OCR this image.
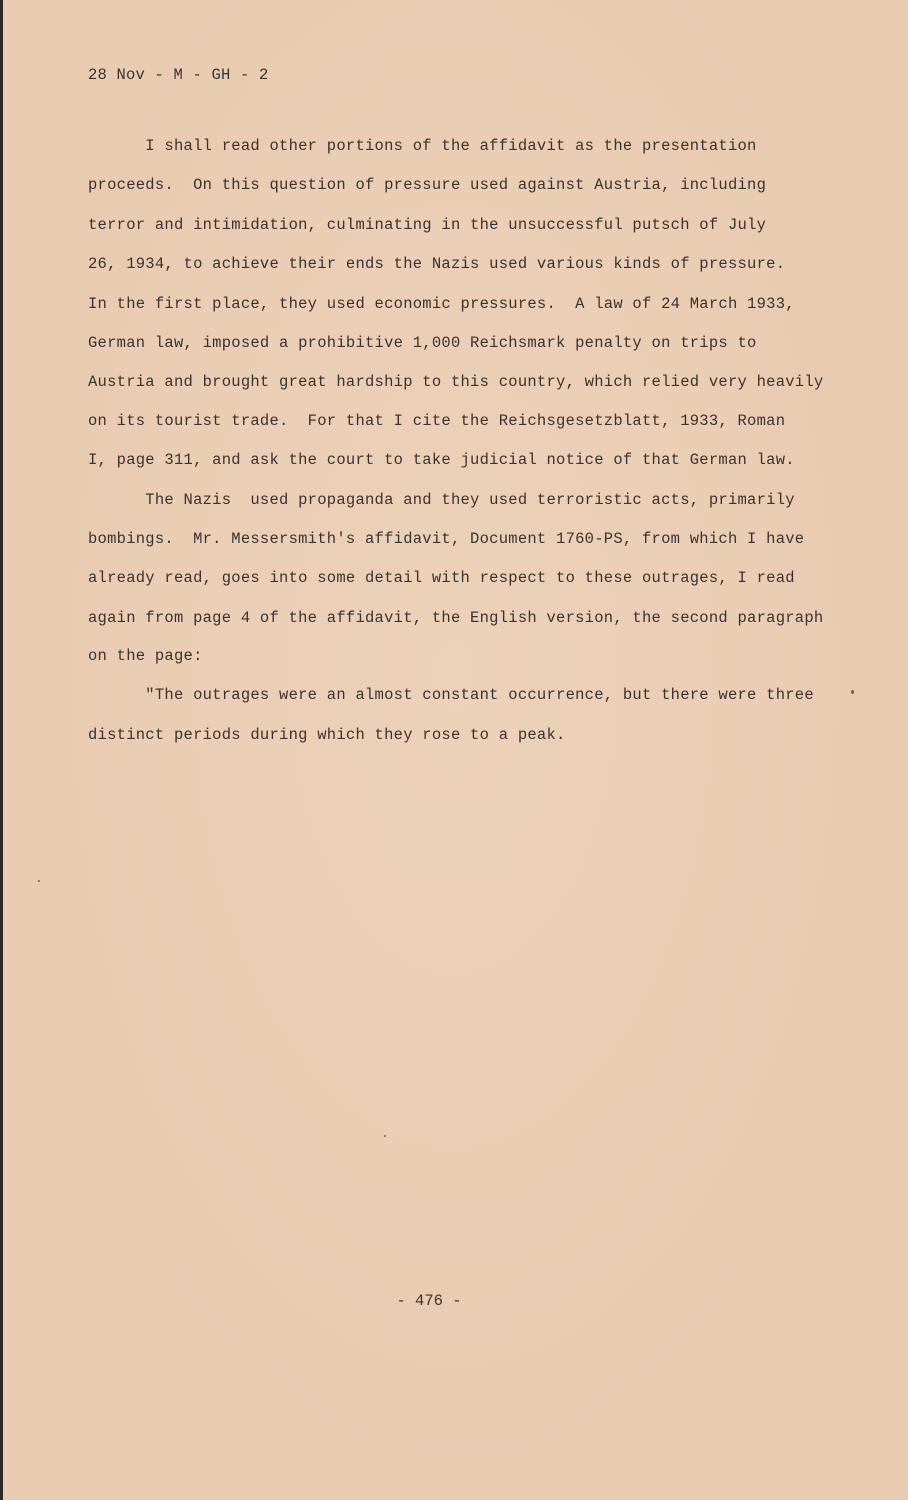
28 Nov - M - GH - 2
I shall read other portions of the affidavit as the presentation
proceeds.  On this question of pressure used against Austria, including
terror and intimidation, culminating in the unsuccessful putsch of July
26, 1934, to achieve their ends the Nazis used various kinds of pressure.
In the first place, they used economic pressures.  A law of 24 March 1933,
German law, imposed a prohibitive 1,000 Reichsmark penalty on trips to
Austria and brought great hardship to this country, which relied very heavily
on its tourist trade.  For that I cite the Reichsgesetzblatt, 1933, Roman
I, page 311, and ask the court to take judicial notice of that German law.
The Nazis  used propaganda and they used terroristic acts, primarily
bombings.  Mr. Messersmith's affidavit, Document 1760-PS, from which I have
already read, goes into some detail with respect to these outrages, I read
again from page 4 of the affidavit, the English version, the second paragraph
on the page:
"The outrages were an almost constant occurrence, but there were three
distinct periods during which they rose to a peak.
- 476 -
